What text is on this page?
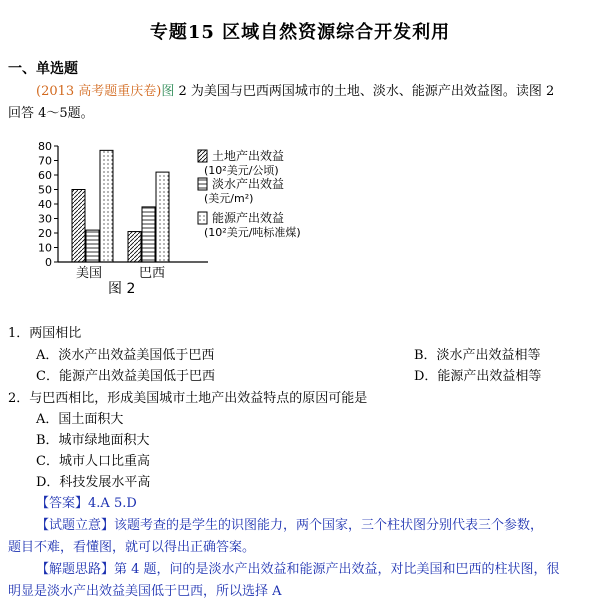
专题15 区域自然资源综合开发利用
一、单选题
(2013 高考题重庆卷)图 2 为美国与巴西两国城市的土地、淡水、能源产出效益图。读图 2
回答 4～5题。
0
10
20
30
40
50
60
70
80
美国	巴西
图 2
土地产出效益
(10²美元/公顷)
淡水产出效益
(美元/m²)
能源产出效益
(10²美元/吨标准煤)
1．两国相比
A．淡水产出效益美国低于巴西	B．淡水产出效益相等
C．能源产出效益美国低于巴西	D．能源产出效益相等
2．与巴西相比，形成美国城市土地产出效益特点的原因可能是
A．国土面积大
B．城市绿地面积大
C．城市人口比重高
D．科技发展水平高
【答案】4.A 5.D
【试题立意】该题考查的是学生的识图能力，两个国家，三个柱状图分别代表三个参数，
题目不难，看懂图，就可以得出正确答案。
【解题思路】第 4 题，问的是淡水产出效益和能源产出效益，对比美国和巴西的柱状图，很
明显是淡水产出效益美国低于巴西，所以选择 A
